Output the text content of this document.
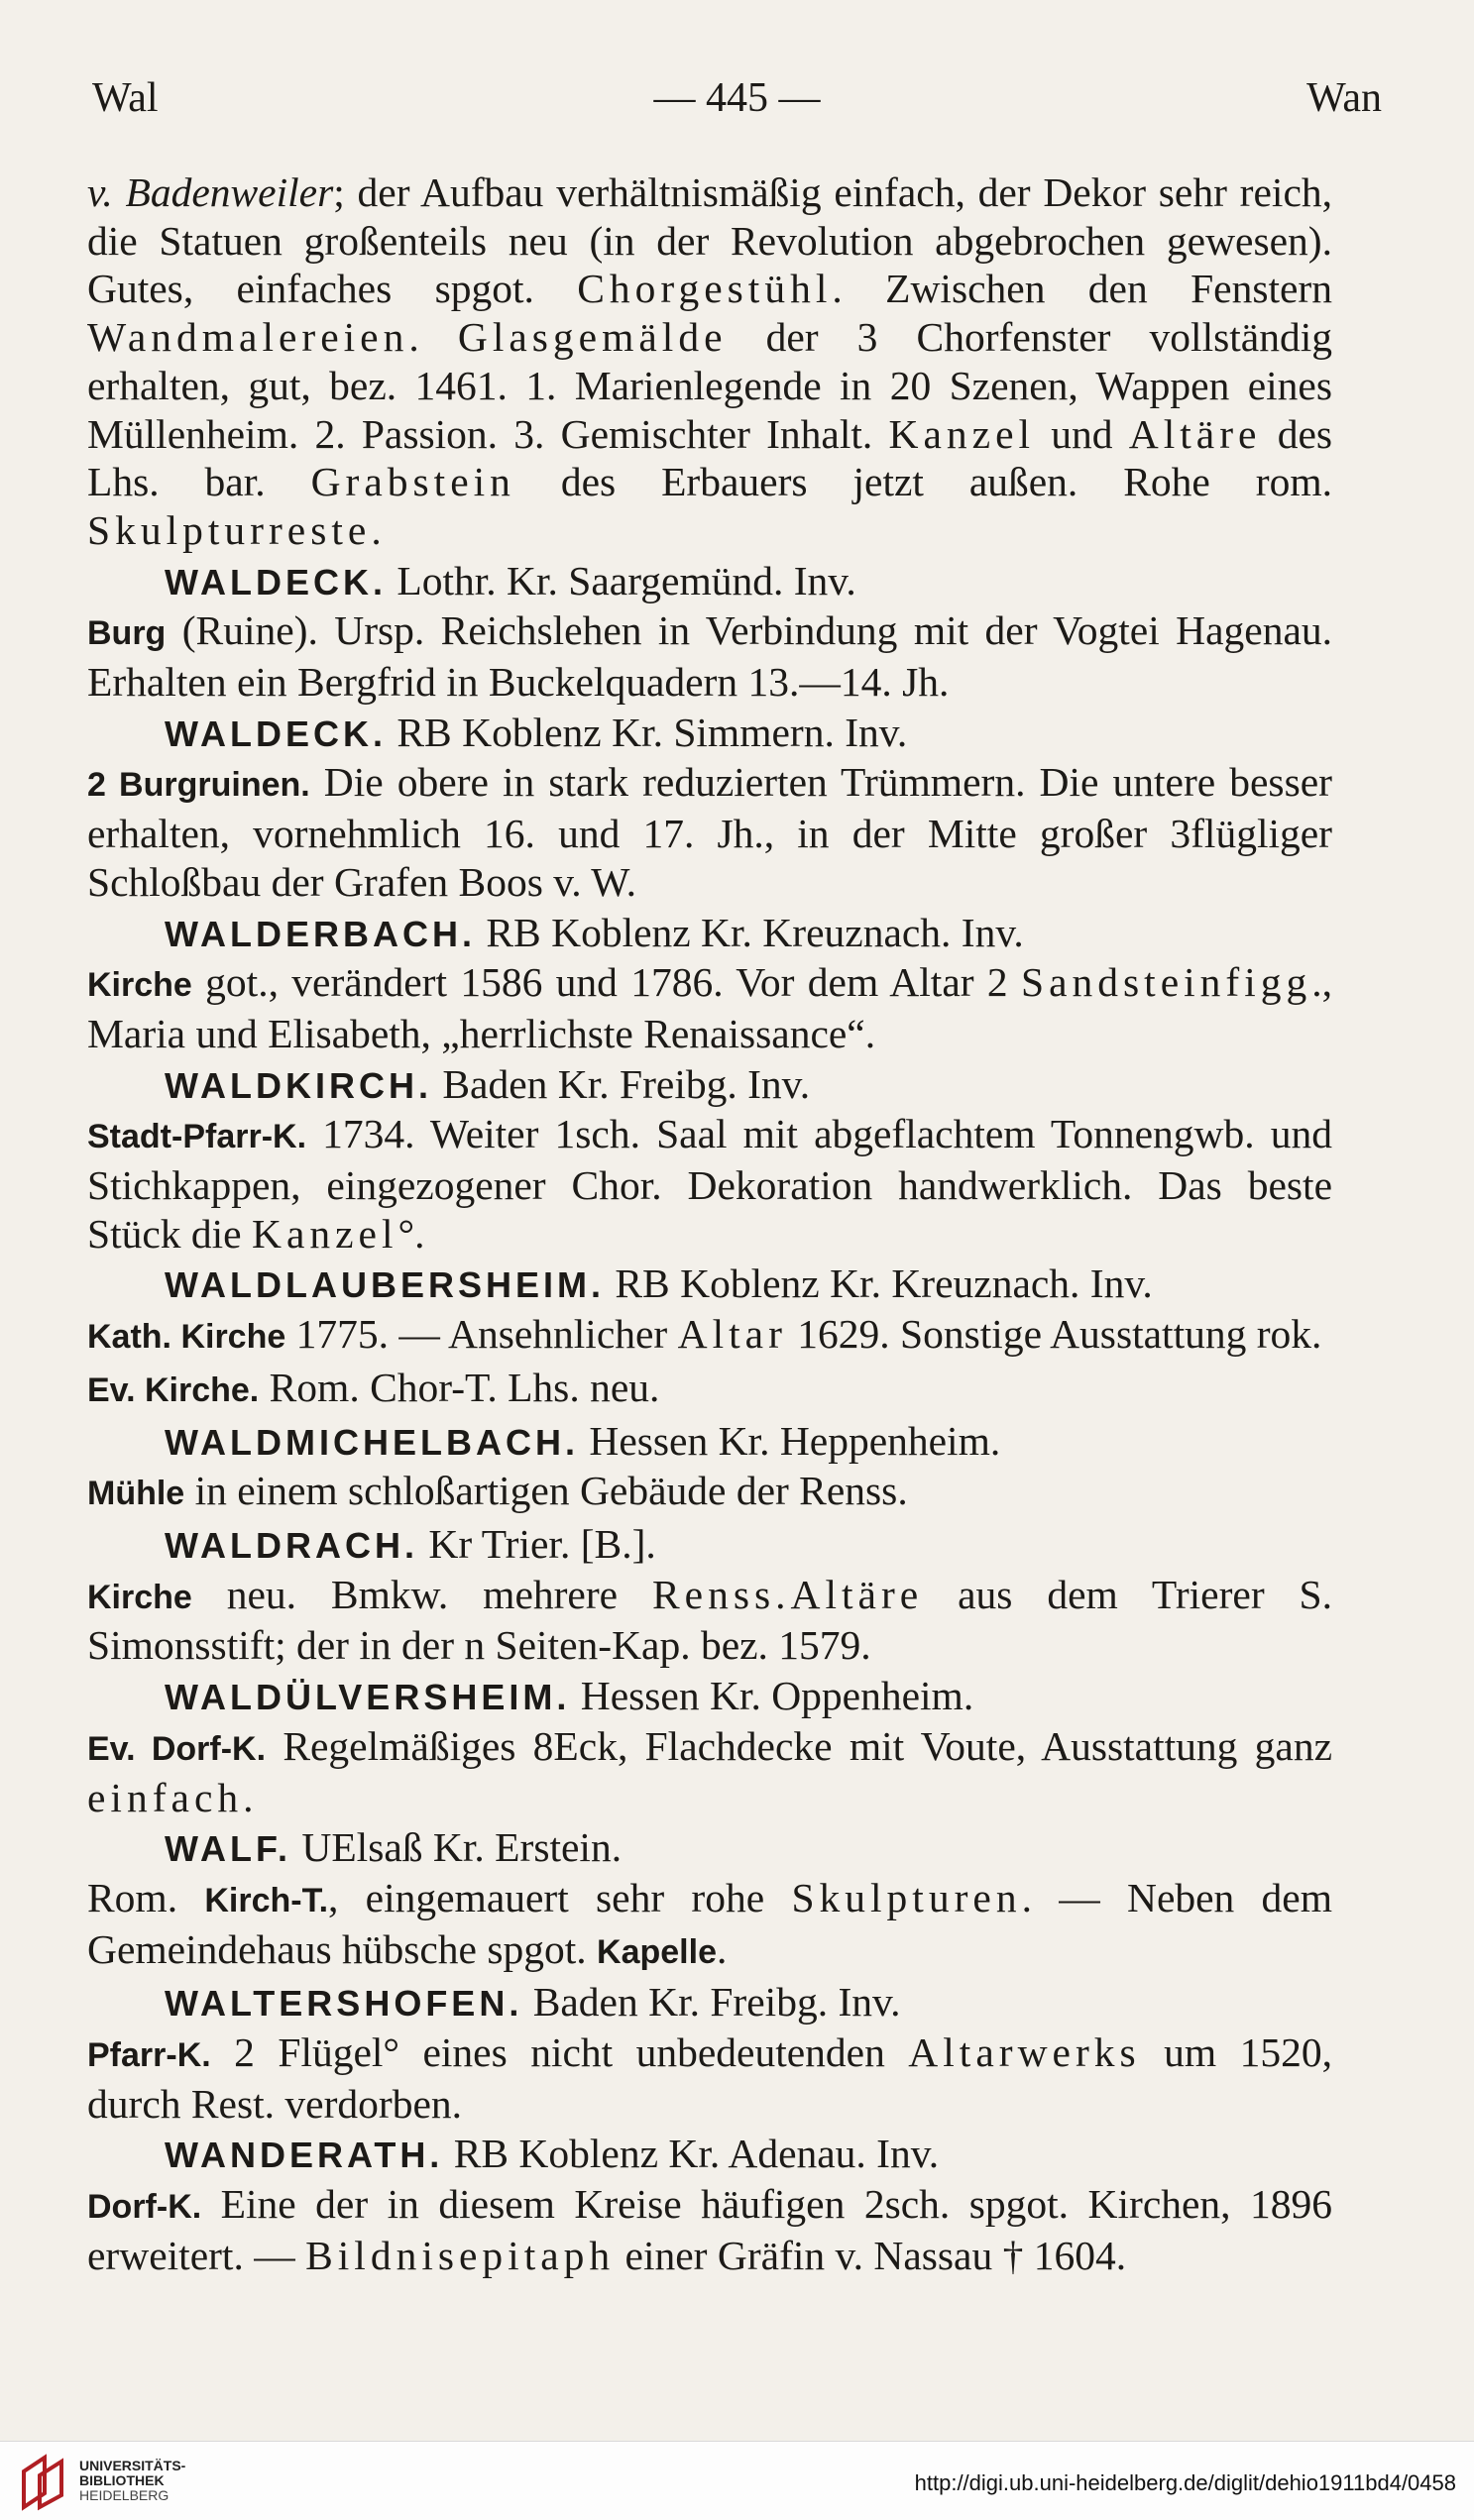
Wal	— 445 —	Wan

v. Badenweiler; der Aufbau verhältnismäßig einfach, der Dekor sehr reich, die Statuen großenteils neu (in der Revolution abgebrochen gewesen). Gutes, einfaches spgot. Chorgestühl. Zwischen den Fenstern Wandmalereien. Glasgemälde der 3 Chorfenster vollständig erhalten, gut, bez. 1461. 1. Marienlegende in 20 Szenen, Wappen eines Müllenheim. 2. Passion. 3. Gemischter Inhalt. Kanzel und Altäre des Lhs. bar. Grabstein des Erbauers jetzt außen. Rohe rom. Skulpturreste.

WALDECK. Lothr. Kr. Saargemünd. Inv.

Burg (Ruine). Ursp. Reichslehen in Verbindung mit der Vogtei Hagenau. Erhalten ein Bergfrid in Buckelquadern 13.—14. Jh.

WALDECK. RB Koblenz Kr. Simmern. Inv.

2 Burgruinen. Die obere in stark reduzierten Trümmern. Die untere besser erhalten, vornehmlich 16. und 17. Jh., in der Mitte großer 3flügliger Schloßbau der Grafen Boos v. W.

WALDERBACH. RB Koblenz Kr. Kreuznach. Inv.

Kirche got., verändert 1586 und 1786. Vor dem Altar 2 Sandsteinfigg., Maria und Elisabeth, „herrlichste Renaissance“.

WALDKIRCH. Baden Kr. Freibg. Inv.

Stadt-Pfarr-K. 1734. Weiter 1sch. Saal mit abgeflachtem Tonnengwb. und Stichkappen, eingezogener Chor. Dekoration handwerklich. Das beste Stück die Kanzel°.

WALDLAUBERSHEIM. RB Koblenz Kr. Kreuznach. Inv.

Kath. Kirche 1775. — Ansehnlicher Altar 1629. Sonstige Ausstattung rok.

Ev. Kirche. Rom. Chor-T. Lhs. neu.

WALDMICHELBACH. Hessen Kr. Heppenheim.

Mühle in einem schloßartigen Gebäude der Renss.

WALDRACH. Kr Trier. [B.].

Kirche neu. Bmkw. mehrere Renss.Altäre aus dem Trierer S. Simonsstift; der in der n Seiten-Kap. bez. 1579.

WALDÜLVERSHEIM. Hessen Kr. Oppenheim.

Ev. Dorf-K. Regelmäßiges 8Eck, Flachdecke mit Voute, Ausstattung ganz einfach.

WALF. UElsaß Kr. Erstein.

Rom. Kirch-T., eingemauert sehr rohe Skulpturen. — Neben dem Gemeindehaus hübsche spgot. Kapelle.

WALTERSHOFEN. Baden Kr. Freibg. Inv.

Pfarr-K. 2 Flügel° eines nicht unbedeutenden Altarwerks um 1520, durch Rest. verdorben.

WANDERATH. RB Koblenz Kr. Adenau. Inv.

Dorf-K. Eine der in diesem Kreise häufigen 2sch. spgot. Kirchen, 1896 erweitert. — Bildnisepitaph einer Gräfin v. Nassau † 1604.

UNIVERSITÄTS-
BIBLIOTHEK
HEIDELBERG	http://digi.ub.uni-heidelberg.de/diglit/dehio1911bd4/0458
